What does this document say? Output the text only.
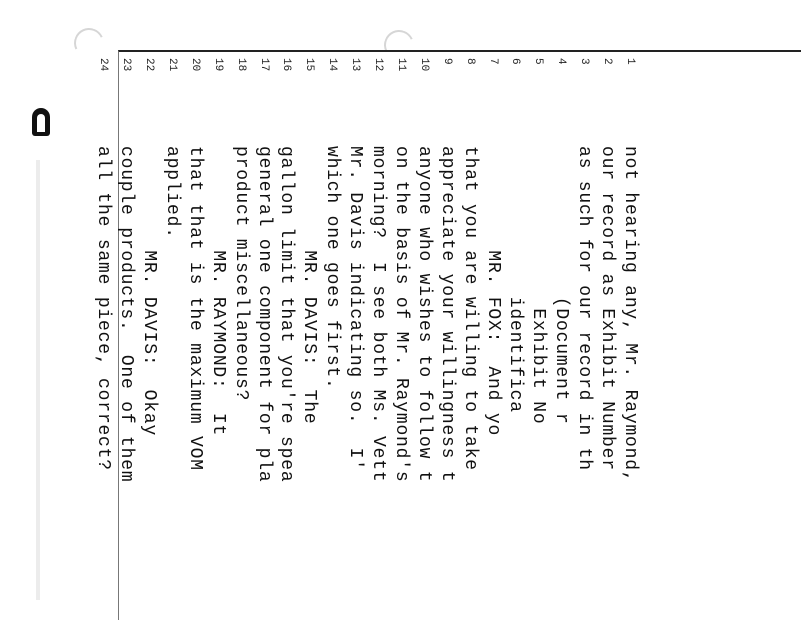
1
not hearing any, Mr. Raymond,
2
our record as Exhibit Number
3
as such for our record in th
4
(Document r
5
Exhibit No
6
identifica
7
MR. FOX:  And yo
8
that you are willing to take
9
appreciate your willingness t
10
anyone who wishes to follow t
11
on the basis of Mr. Raymond's
12
morning?  I see both Ms. Vett
13
Mr. Davis indicating so.  I'
14
which one goes first.
15
MR. DAVIS:  The
16
gallon limit that you're spea
17
general one component for pla
18
product miscellaneous?
19
MR. RAYMOND:  It
20
that that is the maximum VOM
21
applied.
22
MR. DAVIS:  Okay
23
couple products.  One of them
24
all the same piece, correct?
